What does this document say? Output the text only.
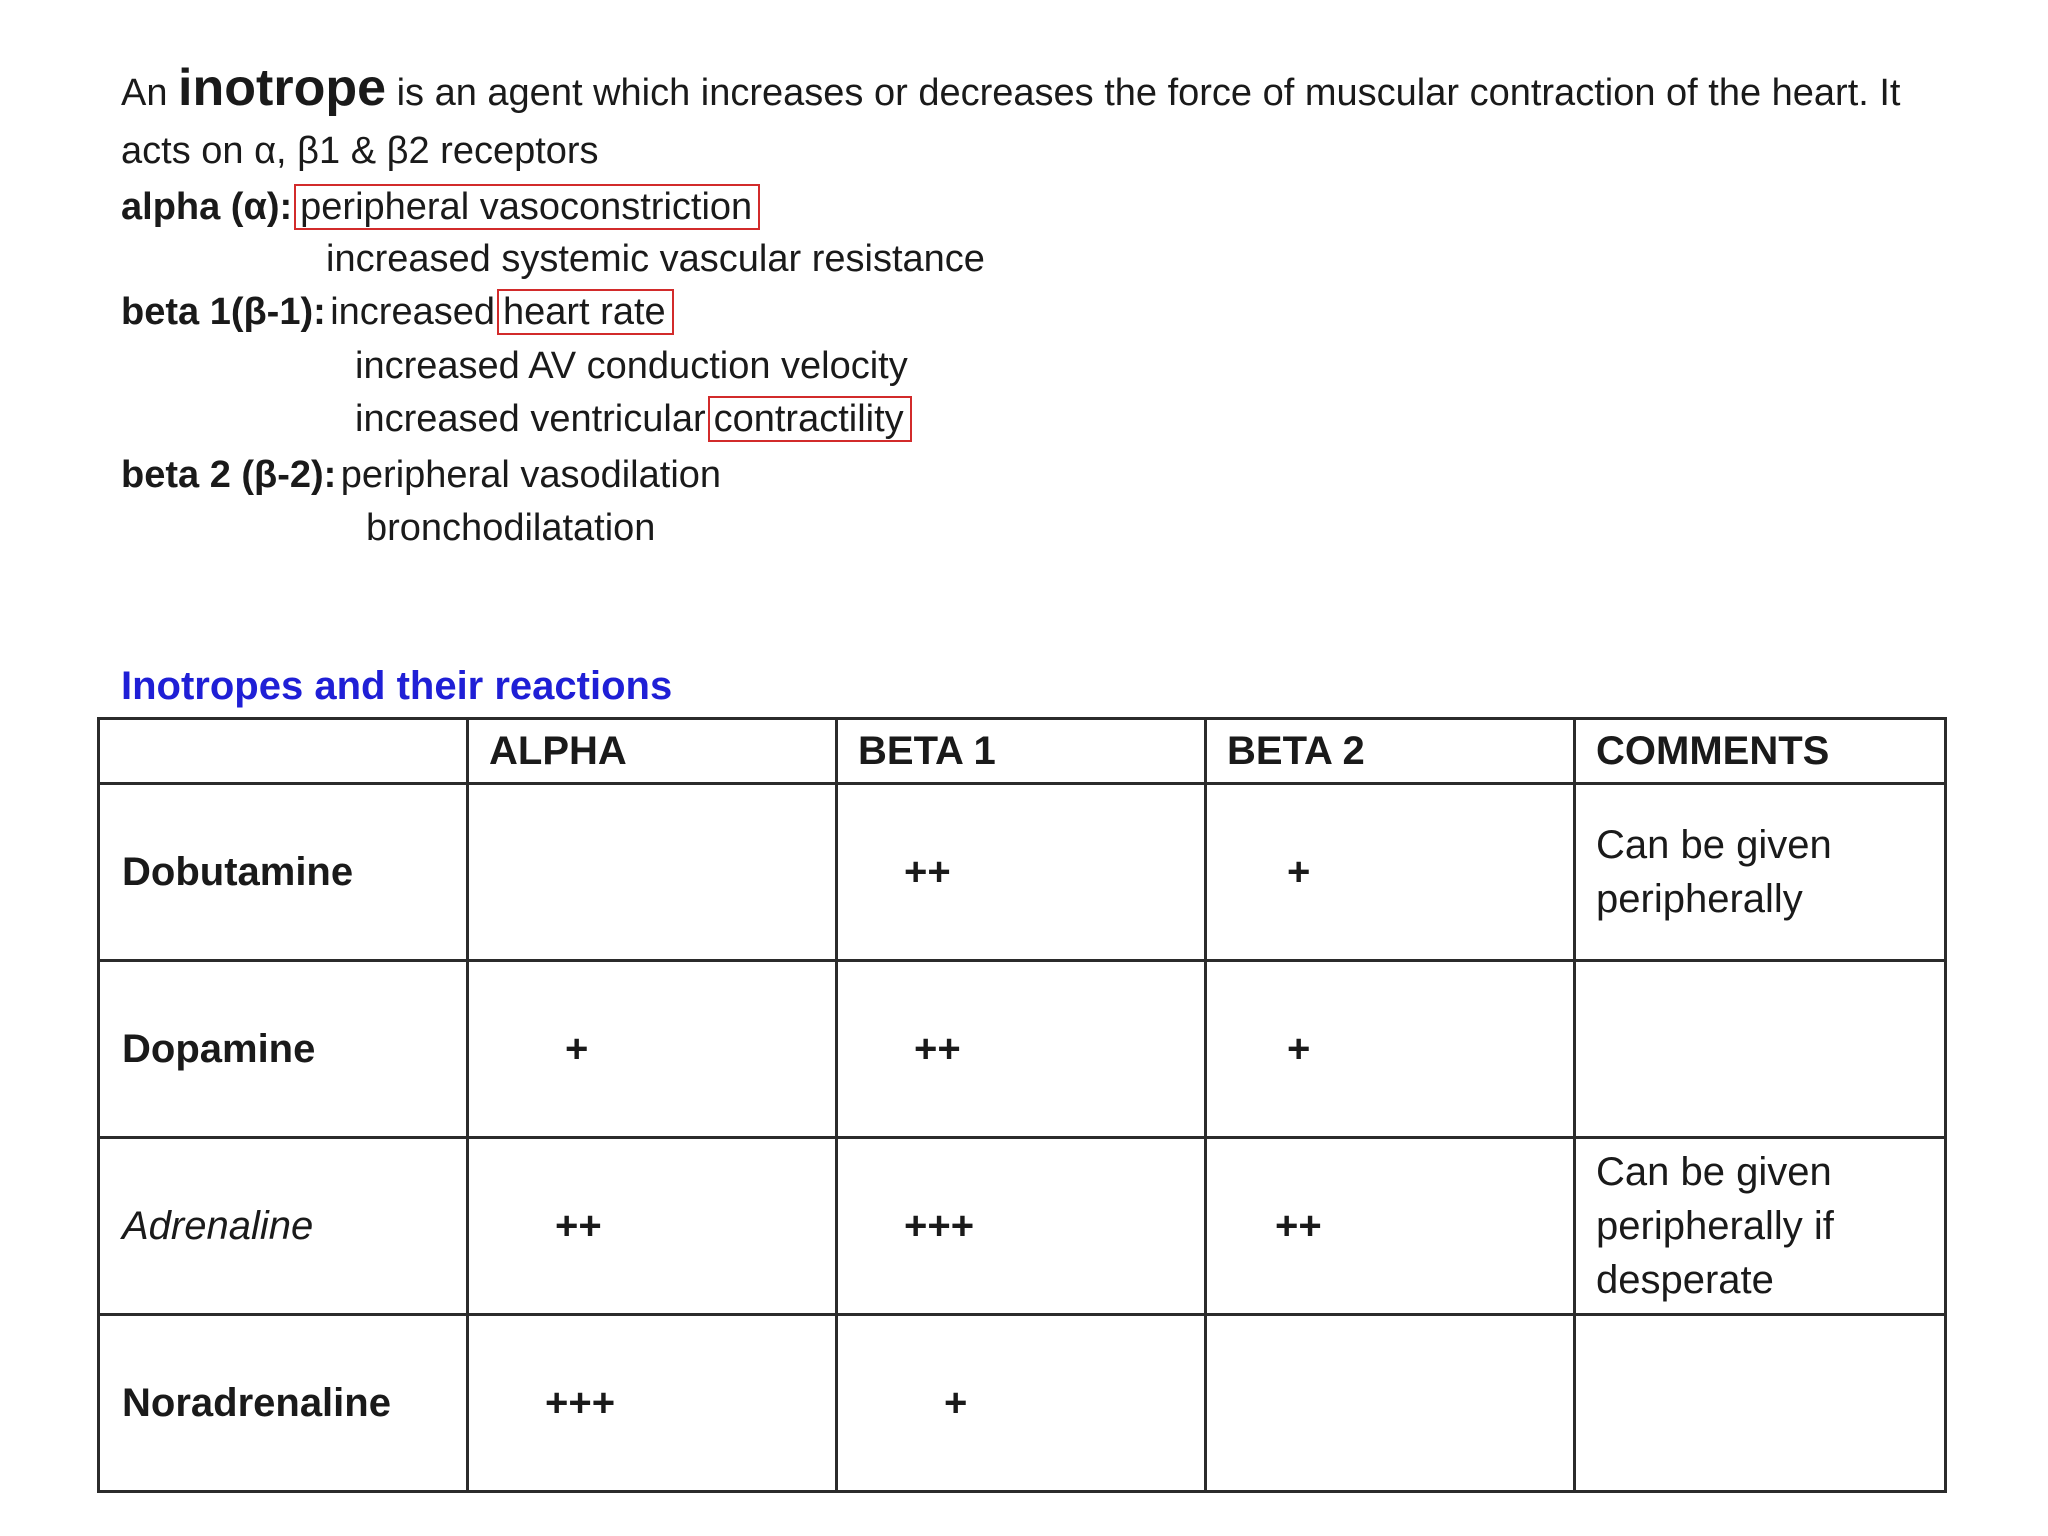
An inotrope is an agent which increases or decreases the force of muscular contraction of the heart. It
acts on α, β1 & β2 receptors
alpha (α): peripheral vasoconstriction
increased systemic vascular resistance
beta 1(β-1): increased heart rate
increased AV conduction velocity
increased ventricular contractility
beta 2 (β-2): peripheral vasodilation
bronchodilatation
Inotropes and their reactions
	ALPHA	BETA 1	BETA 2	COMMENTS
Dobutamine		++	+	Can be given peripherally
Dopamine	+	++	+	
Adrenaline	++	+++	++	Can be given peripherally if desperate
Noradrenaline	+++	+		
